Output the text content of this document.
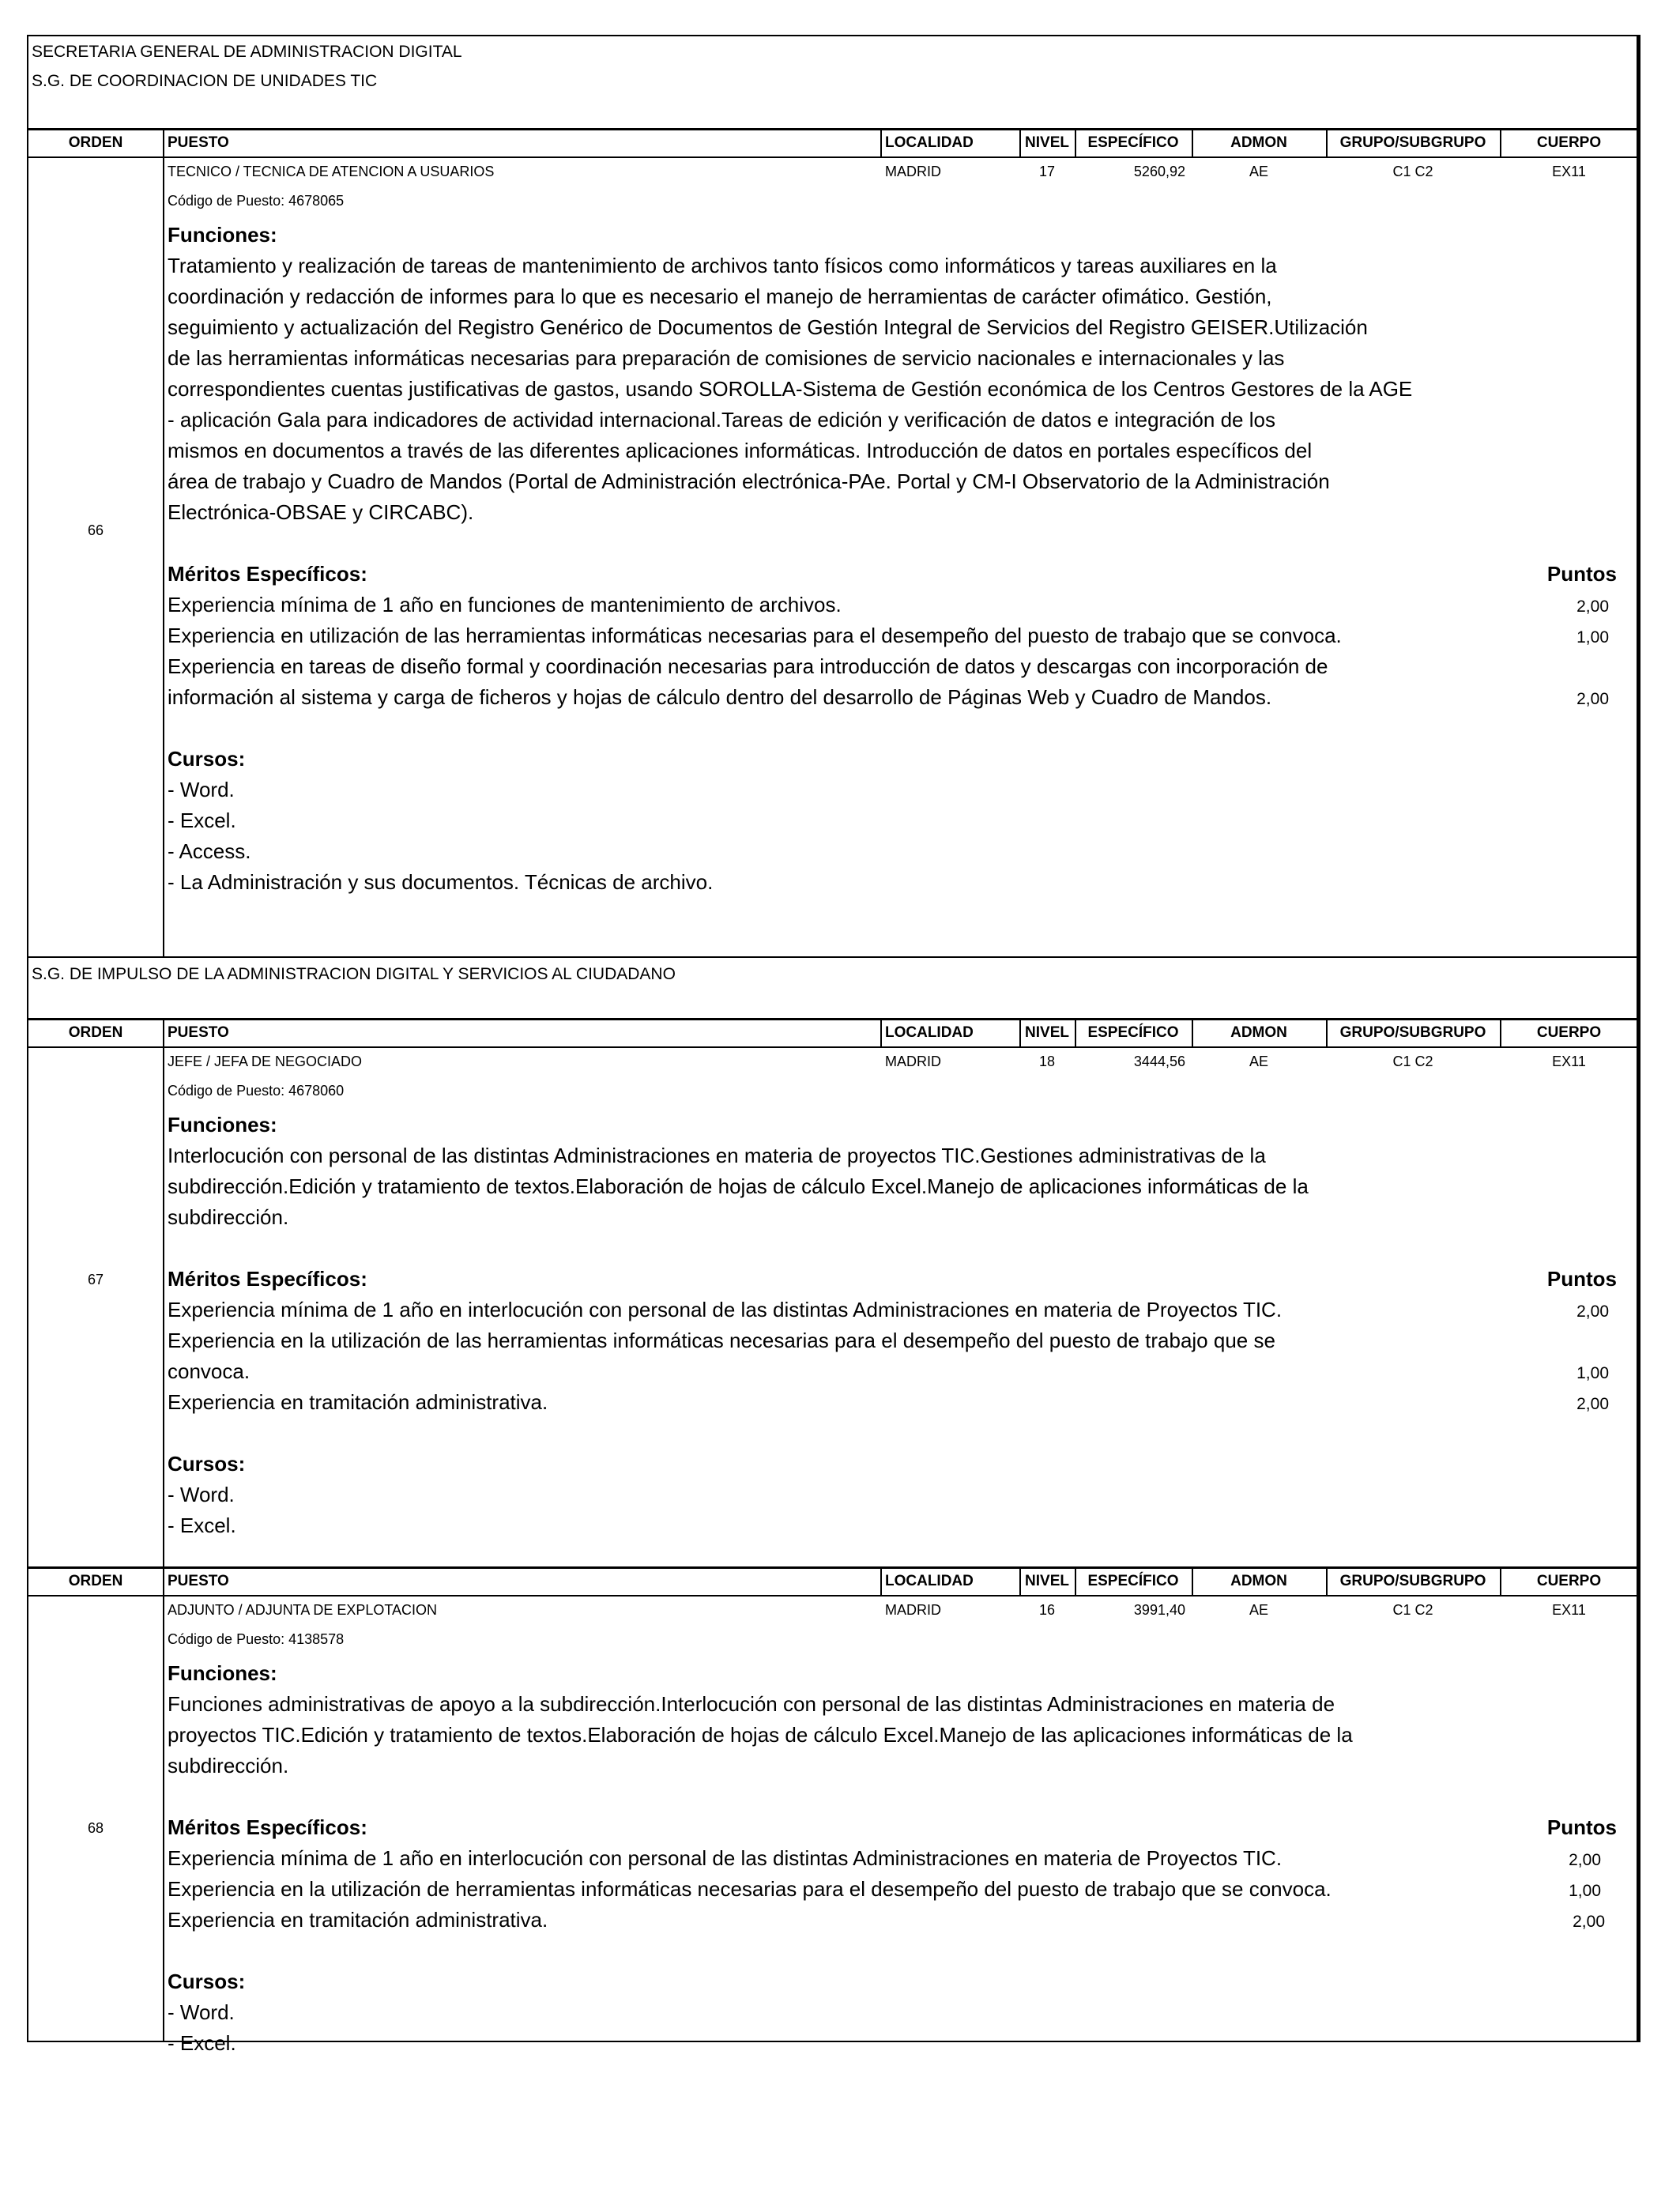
SECRETARIA GENERAL DE ADMINISTRACION DIGITAL
S.G. DE COORDINACION DE UNIDADES TIC
ORDEN	PUESTO	LOCALIDAD	NIVEL	ESPECÍFICO	ADMON	GRUPO/SUBGRUPO	CUERPO
66
TECNICO / TECNICA DE ATENCION A USUARIOS	MADRID	17	5260,92	AE	C1 C2	EX11
Código de Puesto: 4678065
Funciones:
Tratamiento y realización de tareas de mantenimiento de archivos tanto físicos como informáticos y tareas auxiliares en la
coordinación y redacción de informes para lo que es necesario el manejo de herramientas de carácter ofimático. Gestión,
seguimiento y actualización del Registro Genérico de Documentos de Gestión Integral de Servicios del Registro GEISER.Utilización
de las herramientas informáticas necesarias para preparación de comisiones de servicio nacionales e internacionales y las
correspondientes cuentas justificativas de gastos, usando SOROLLA-Sistema de Gestión económica de los Centros Gestores de la AGE
- aplicación Gala para indicadores de actividad internacional.Tareas de edición y verificación de datos e integración de los
mismos en documentos a través de las diferentes aplicaciones informáticas. Introducción de datos en portales específicos del
área de trabajo y Cuadro de Mandos (Portal de Administración electrónica-PAe. Portal y CM-I Observatorio de la Administración
Electrónica-OBSAE y CIRCABC).
Méritos Específicos:	Puntos
Experiencia mínima de 1 año en funciones de mantenimiento de archivos.	2,00
Experiencia en utilización de las herramientas informáticas necesarias para el desempeño del puesto de trabajo que se convoca.	1,00
Experiencia en tareas de diseño formal y coordinación necesarias para introducción de datos y descargas con incorporación de
información al sistema y carga de ficheros y hojas de cálculo dentro del desarrollo de Páginas Web y Cuadro de Mandos.	2,00
Cursos:
- Word.
- Excel.
- Access.
- La Administración y sus documentos. Técnicas de archivo.
S.G. DE IMPULSO DE LA ADMINISTRACION DIGITAL Y SERVICIOS AL CIUDADANO
ORDEN	PUESTO	LOCALIDAD	NIVEL	ESPECÍFICO	ADMON	GRUPO/SUBGRUPO	CUERPO
67
JEFE / JEFA DE NEGOCIADO	MADRID	18	3444,56	AE	C1 C2	EX11
Código de Puesto: 4678060
Funciones:
Interlocución con personal de las distintas Administraciones en materia de proyectos TIC.Gestiones administrativas de la
subdirección.Edición y tratamiento de textos.Elaboración de hojas de cálculo Excel.Manejo de aplicaciones informáticas de la
subdirección.
Méritos Específicos:	Puntos
Experiencia mínima de 1 año en interlocución con personal de las distintas Administraciones en materia de Proyectos TIC.	2,00
Experiencia en la utilización de las herramientas informáticas necesarias para el desempeño del puesto de trabajo que se
convoca.	1,00
Experiencia en tramitación administrativa.	2,00
Cursos:
- Word.
- Excel.
ORDEN	PUESTO	LOCALIDAD	NIVEL	ESPECÍFICO	ADMON	GRUPO/SUBGRUPO	CUERPO
68
ADJUNTO / ADJUNTA DE EXPLOTACION	MADRID	16	3991,40	AE	C1 C2	EX11
Código de Puesto: 4138578
Funciones:
Funciones administrativas de apoyo a la subdirección.Interlocución con personal de las distintas Administraciones en materia de
proyectos TIC.Edición y tratamiento de textos.Elaboración de hojas de cálculo Excel.Manejo de las aplicaciones informáticas de la
subdirección.
Méritos Específicos:	Puntos
Experiencia mínima de 1 año en interlocución con personal de las distintas Administraciones en materia de Proyectos TIC.	2,00
Experiencia en la utilización de herramientas informáticas necesarias para el desempeño del puesto de trabajo que se convoca.	1,00
Experiencia en tramitación administrativa.	2,00
Cursos:
- Word.
- Excel.
